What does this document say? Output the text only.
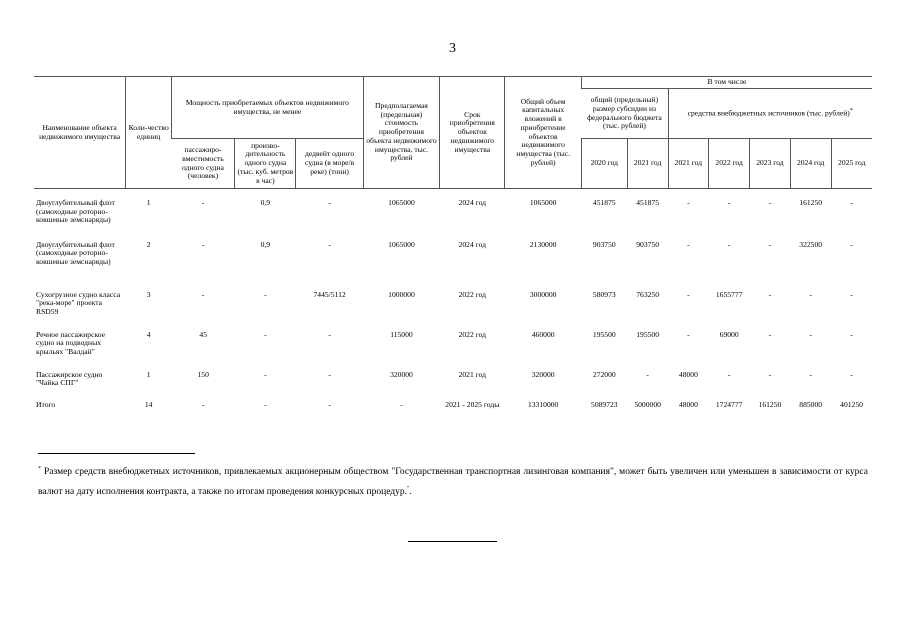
3
Наименование объекта недвижимого имущества	Коли-чество единиц	Мощность приобретаемых объектов недвижимого имущества, не менее			Предполагаемая (предельная) стоимость приобретения объекта недвижимого имущества, тыс. рублей	Срок приобретения объектов недвижимого имущества	Общий объем капитальных вложений в приобретение объектов недвижимого имущества (тыс. рублей)	В том числе						
								общий (предельный) размер субсидии из федерального бюджета (тыс. рублей)		средства внебюджетных источников (тыс. рублей)*
		пассажиро-вместимость одного судна (человек)	произво-дительность одного судна (тыс. куб. метров в час)	дедвейт одного судна (в море/в реке) (тонн)				2020 год	2021 год	2021 год	2022 год	2023 год	2024 год	2025 год
Двоуглубительный флот (самоходные роторно-ковшевые земснаряды)	1	-	0,9	-	1065000	2024 год	1065000	451875	451875	-	-	-	161250	-
Двоуглубительный флот (самоходные роторно-ковшевые земснаряды)	2	-	0,9	-	1065000	2024 год	2130000	903750	903750	-	-	-	322500	-
Сухогрузное судно класса "река-море" проекта RSD59	3	-	-	7445/5112	1000000	2022 год	3000000	580973	763250	-	1655777	-	-	-
Речное пассажирское судно на подводных крыльях "Валдай"	4	45	-	-	115000	2022 год	460000	195500	195500	-	69000	-	-	-
Пассажирское судно "Чайка СПГ"	1	150	-	-	320000	2021 год	320000	272000	-	48000	-	-	-	-
Итого	14	-	-	-	-	2021 - 2025 годы	13310000	5089723	5000000	48000	1724777	161250	885000	401250
* Размер средств внебюджетных источников, привлекаемых акционерным обществом "Государственная транспортная лизинговая компания", может быть увеличен или уменьшен в зависимости от курса валют на дату исполнения контракта, а также по итогам проведения конкурсных процедур.".
